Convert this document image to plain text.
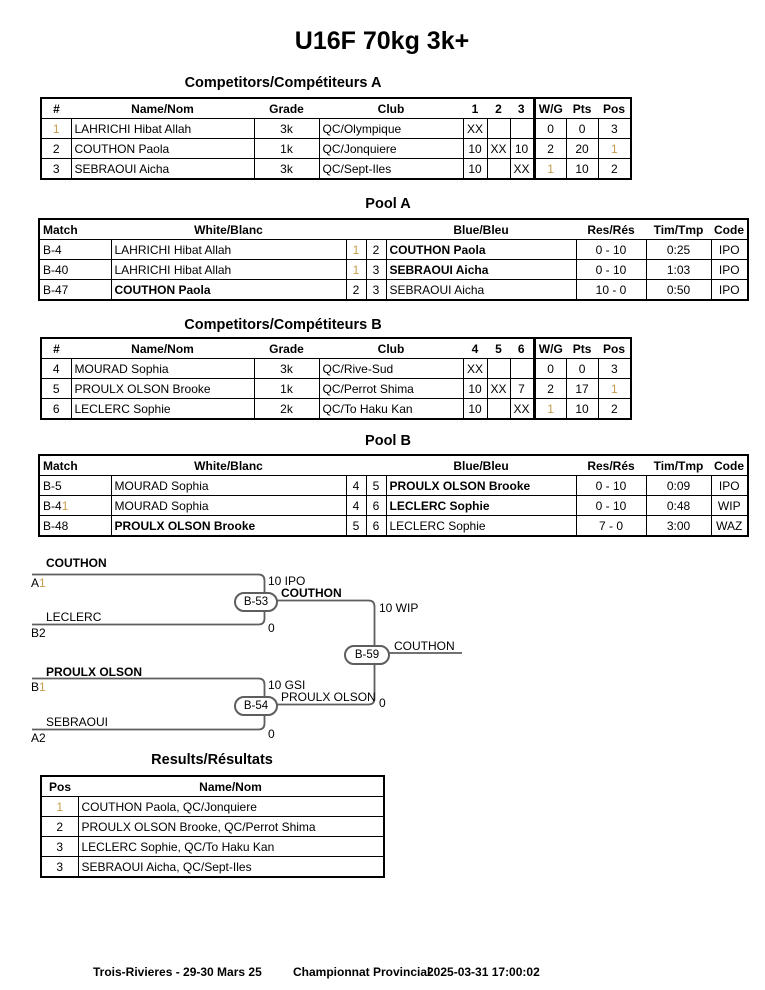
U16F 70kg 3k+
Competitors/Compétiteurs A
#	Name/Nom	Grade	Club	1	2	3	W/G	Pts	Pos
1	LAHRICHI Hibat Allah	3k	QC/Olympique	XX			0	0	3
2	COUTHON Paola	1k	QC/Jonquiere	10	XX	10	2	20	1
3	SEBRAOUI Aicha	3k	QC/Sept-Iles	10		XX	1	10	2
Pool A
Match	White/Blanc			Blue/Bleu	Res/Rés	Tim/Tmp	Code
B-4	LAHRICHI Hibat Allah	1	2	COUTHON Paola	0 - 10	0:25	IPO
B-40	LAHRICHI Hibat Allah	1	3	SEBRAOUI Aicha	0 - 10	1:03	IPO
B-47	COUTHON Paola	2	3	SEBRAOUI Aicha	10 - 0	0:50	IPO
Competitors/Compétiteurs B
#	Name/Nom	Grade	Club	4	5	6	W/G	Pts	Pos
4	MOURAD Sophia	3k	QC/Rive-Sud	XX			0	0	3
5	PROULX OLSON Brooke	1k	QC/Perrot Shima	10	XX	7	2	17	1
6	LECLERC Sophie	2k	QC/To Haku Kan	10		XX	1	10	2
Pool B
Match	White/Blanc			Blue/Bleu	Res/Rés	Tim/Tmp	Code
B-5	MOURAD Sophia	4	5	PROULX OLSON Brooke	0 - 10	0:09	IPO
B-41	MOURAD Sophia	4	6	LECLERC Sophie	0 - 10	0:48	WIP
B-48	PROULX OLSON Brooke	5	6	LECLERC Sophie	7 - 0	3:00	WAZ
COUTHON
A1
LECLERC
B2
10 IPO
0
COUTHON
B-53
PROULX OLSON
B1
SEBRAOUI
A2
10 GSI
0
PROULX OLSON
B-54
10 WIP
0
COUTHON
B-59
Results/Résultats
Pos	Name/Nom
1	COUTHON Paola, QC/Jonquiere
2	PROULX OLSON Brooke, QC/Perrot Shima
3	LECLERC Sophie, QC/To Haku Kan
3	SEBRAOUI Aicha, QC/Sept-Iles
Trois-Rivieres - 29-30 Mars 25	Championnat Provincial
2025-03-31 17:00:02
